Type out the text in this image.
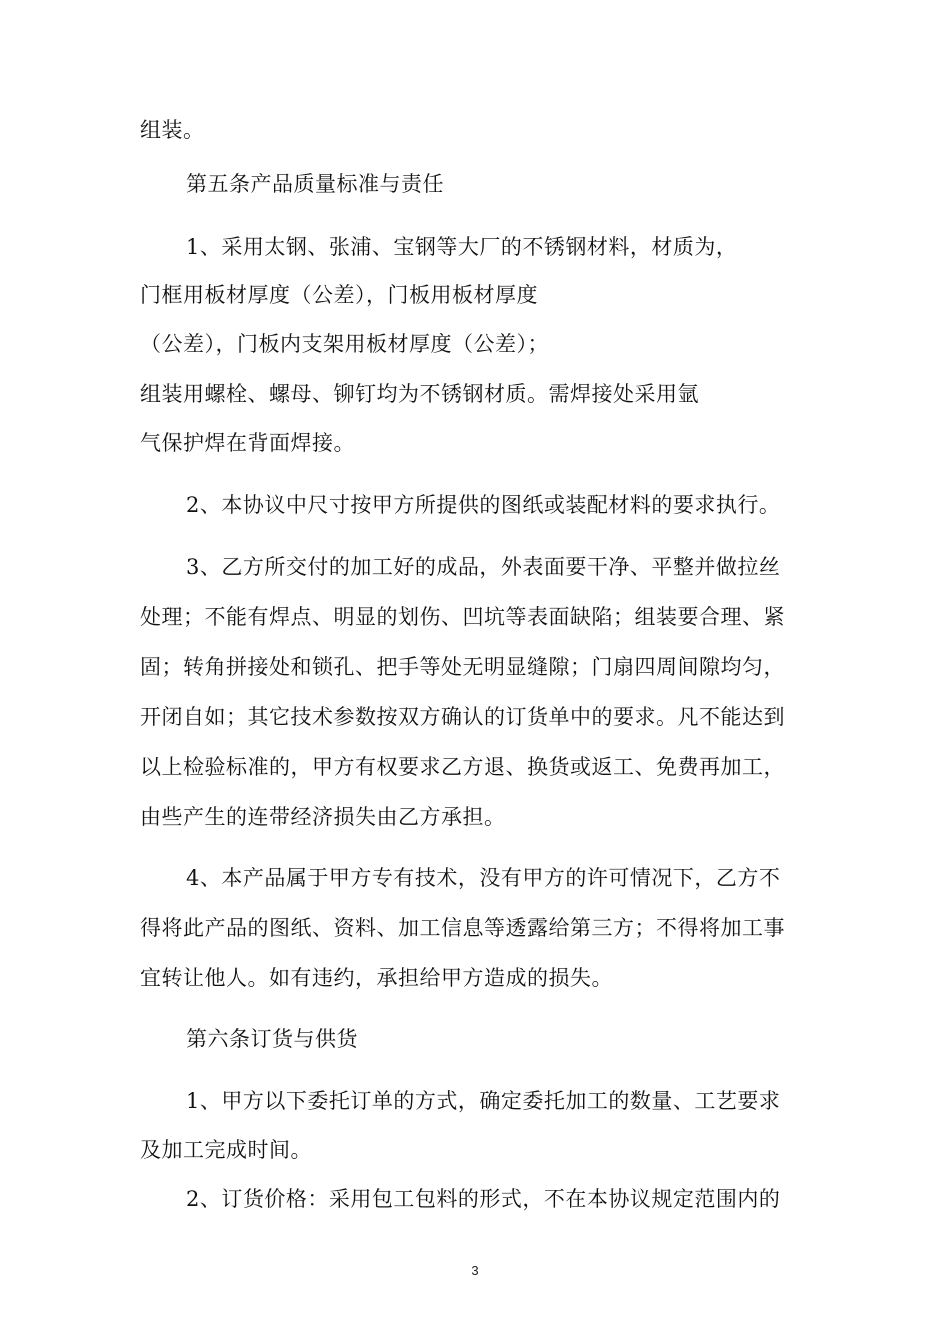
组装。
第五条产品质量标准与责任
1、采用太钢、张浦、宝钢等大厂的不锈钢材料，材质为，
门框用板材厚度（公差），门板用板材厚度
（公差），门板内支架用板材厚度（公差）；
组装用螺栓、螺母、铆钉均为不锈钢材质。需焊接处采用氩
气保护焊在背面焊接。
2、本协议中尺寸按甲方所提供的图纸或装配材料的要求执行。
3、乙方所交付的加工好的成品，外表面要干净、平整并做拉丝
处理；不能有焊点、明显的划伤、凹坑等表面缺陷；组装要合理、紧
固；转角拼接处和锁孔、把手等处无明显缝隙；门扇四周间隙均匀，
开闭自如；其它技术参数按双方确认的订货单中的要求。凡不能达到
以上检验标准的，甲方有权要求乙方退、换货或返工、免费再加工，
由些产生的连带经济损失由乙方承担。
4、本产品属于甲方专有技术，没有甲方的许可情况下，乙方不
得将此产品的图纸、资料、加工信息等透露给第三方；不得将加工事
宜转让他人。如有违约，承担给甲方造成的损失。
第六条订货与供货
1、甲方以下委托订单的方式，确定委托加工的数量、工艺要求
及加工完成时间。
2、订货价格：采用包工包料的形式，不在本协议规定范围内的
3
